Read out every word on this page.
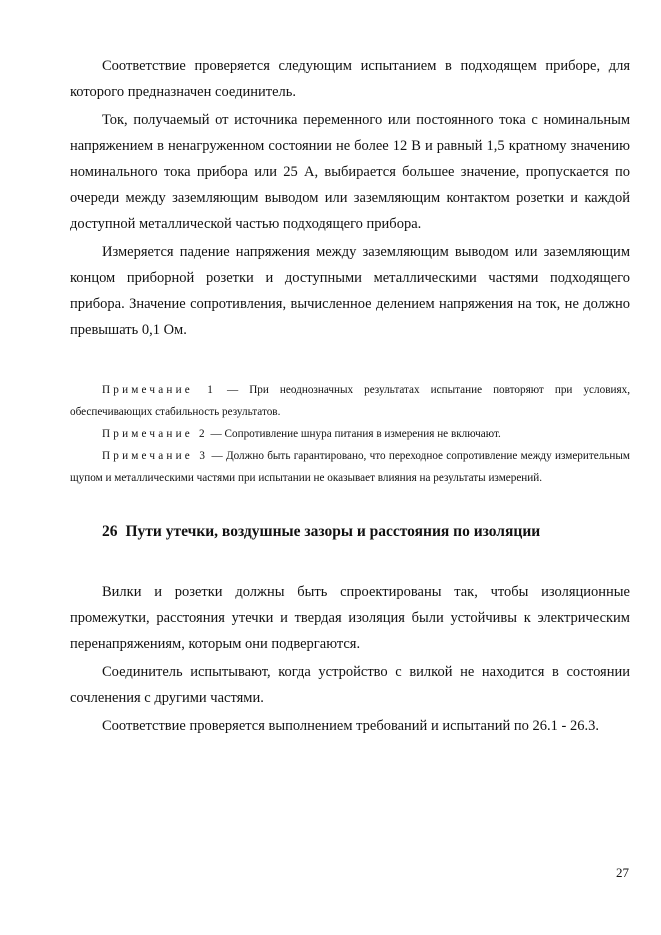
Соответствие проверяется следующим испытанием в подходящем приборе, для которого предназначен соединитель.

Ток, получаемый от источника переменного или постоянного тока с номинальным напряжением в ненагруженном состоянии не более 12 В и равный 1,5 кратному значению номинального тока прибора или 25 А, выбирается большее значение, пропускается по очереди между заземляющим выводом или заземляющим контактом розетки и каждой доступной металлической частью подходящего прибора.

Измеряется падение напряжения между заземляющим выводом или заземляющим концом приборной розетки и доступными металлическими частями подходящего прибора. Значение сопротивления, вычисленное делением напряжения на ток, не должно превышать 0,1 Ом.

Примечание 1 — При неоднозначных результатах испытание повторяют при условиях, обеспечивающих стабильность результатов.

Примечание 2 — Сопротивление шнура питания в измерения не включают.

Примечание 3 — Должно быть гарантировано, что переходное сопротивление между измерительным щупом и металлическими частями при испытании не оказывает влияния на результаты измерений.

26 Пути утечки, воздушные зазоры и расстояния по изоляции

Вилки и розетки должны быть спроектированы так, чтобы изоляционные промежутки, расстояния утечки и твердая изоляция были устойчивы к электрическим перенапряжениям, которым они подвергаются.

Соединитель испытывают, когда устройство с вилкой не находится в состоянии сочленения с другими частями.

Соответствие проверяется выполнением требований и испытаний по 26.1 - 26.3.

27
